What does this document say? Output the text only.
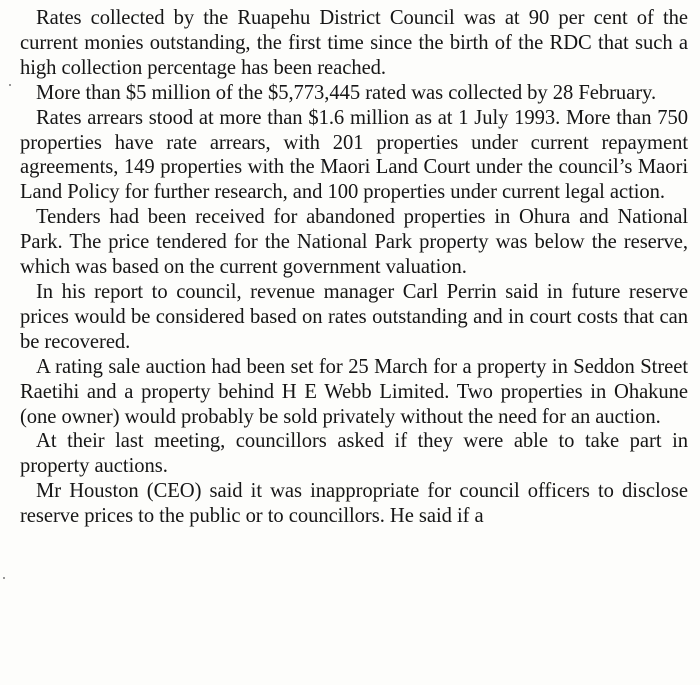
Rates collected by the Ruapehu District Council was at 90 per cent of the current monies outstanding, the first time since the birth of the RDC that such a high collection percentage has been reached.

More than $5 million of the $5,773,445 rated was collected by 28 February.

Rates arrears stood at more than $1.6 million as at 1 July 1993. More than 750 properties have rate arrears, with 201 properties under current repayment agreements, 149 properties with the Maori Land Court under the council’s Maori Land Policy for further research, and 100 properties under current legal action.

Tenders had been received for abandoned properties in Ohura and National Park. The price tendered for the National Park property was below the reserve, which was based on the current government valuation.

In his report to council, revenue manager Carl Perrin said in future reserve prices would be considered based on rates outstanding and in court costs that can be recovered.

A rating sale auction had been set for 25 March for a property in Seddon Street Raetihi and a property behind H E Webb Limited. Two properties in Ohakune (one owner) would probably be sold privately without the need for an auction.

At their last meeting, councillors asked if they were able to take part in property auctions.

Mr Houston (CEO) said it was inappropriate for council officers to disclose reserve prices to the public or to councillors. He said if a
